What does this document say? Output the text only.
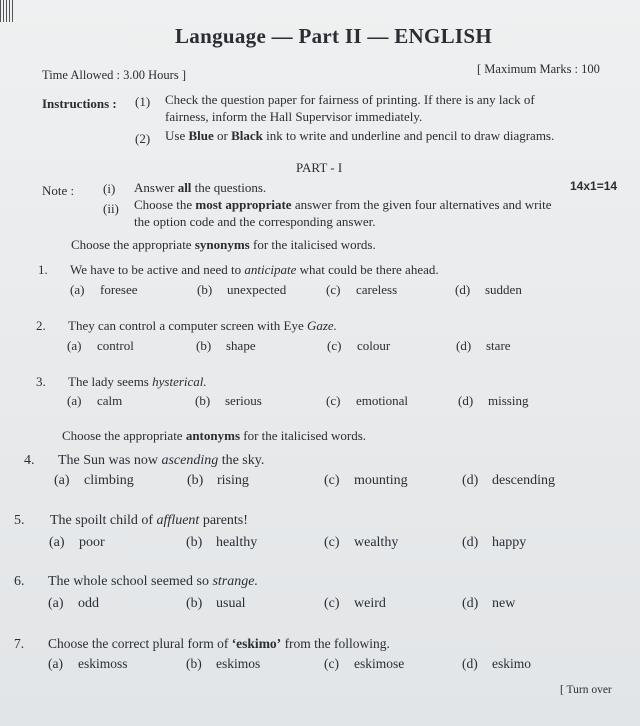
Language — Part II — ENGLISH
Time Allowed : 3.00 Hours ]	[ Maximum Marks : 100
Instructions : (1) Check the question paper for fairness of printing. If there is any lack of
fairness, inform the Hall Supervisor immediately.
(2) Use Blue or Black ink to write and underline and pencil to draw diagrams.
PART - I
14x1=14
Note : (i) Answer all the questions.
(ii) Choose the most appropriate answer from the given four alternatives and write
the option code and the corresponding answer.
Choose the appropriate synonyms for the italicised words.
Choose the appropriate antonyms for the italicised words.
1. We have to be active and need to anticipate what could be there ahead.
(a) foresee	(b) unexpected	(c) careless	(d) sudden
2. They can control a computer screen with Eye Gaze.
(a) control	(b) shape	(c) colour	(d) stare
3. The lady seems hysterical.
(a) calm	(b) serious	(c) emotional	(d) missing
4. The Sun was now ascending the sky.
(a) climbing	(b) rising	(c) mounting	(d) descending
5. The spoilt child of affluent parents!
(a) poor	(b) healthy	(c) wealthy	(d) happy
6. The whole school seemed so strange.
(a) odd	(b) usual	(c) weird	(d) new
7. Choose the correct plural form of ‘eskimo’ from the following.
(a) eskimoss	(b) eskimos	(c) eskimose	(d) eskimo
[ Turn over
